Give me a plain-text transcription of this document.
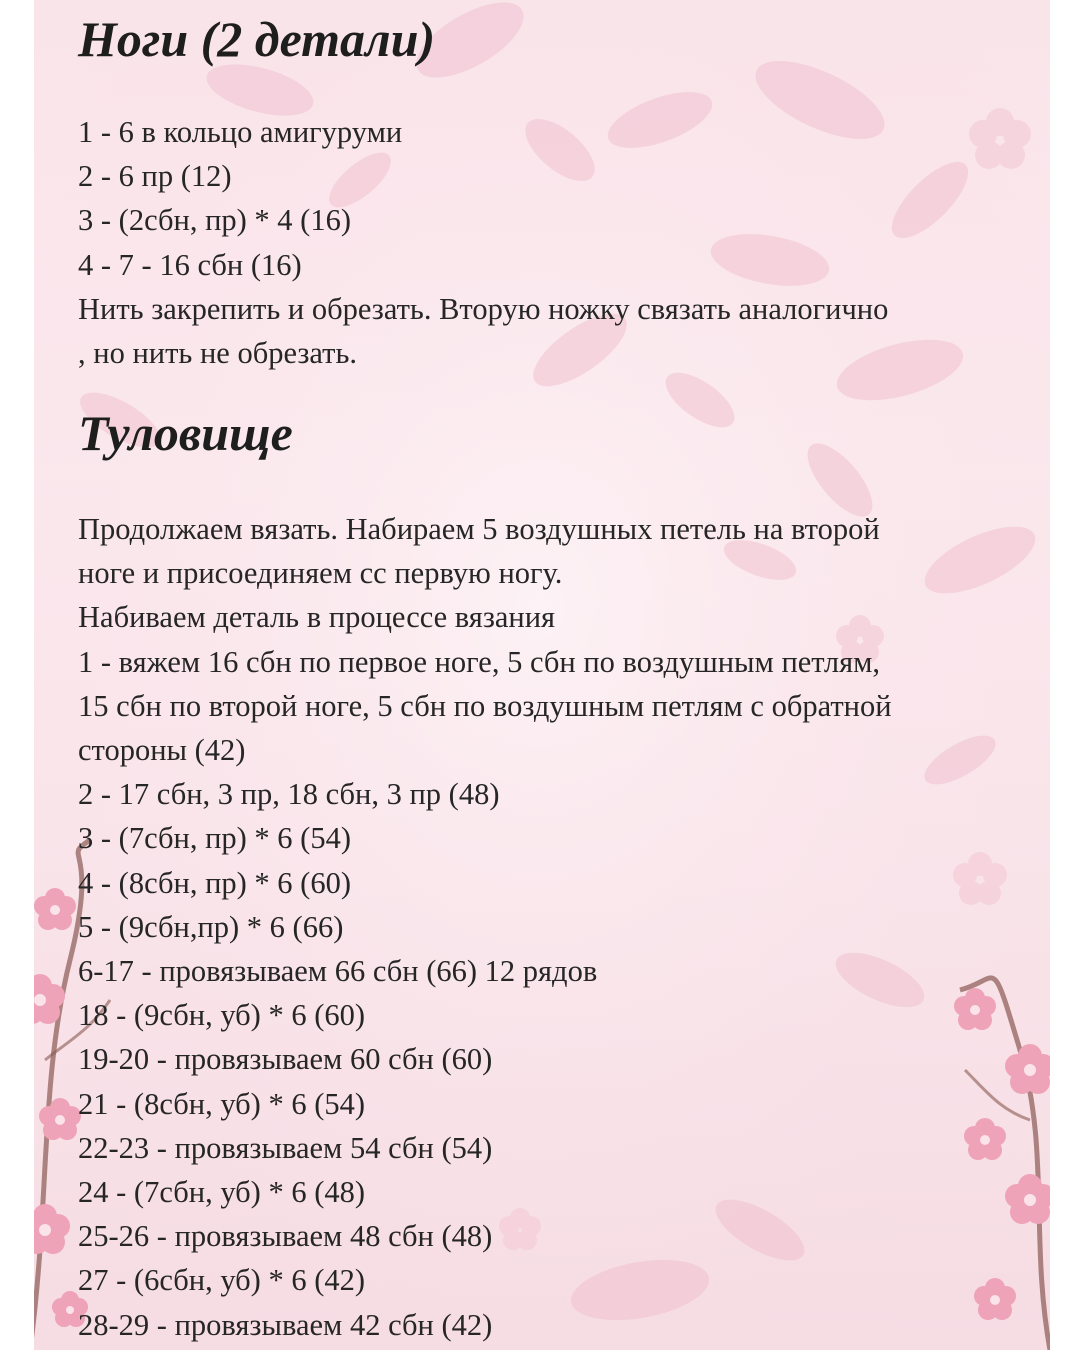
Ноги (2 детали)

1 - 6 в кольцо амигуруми

2 - 6 пр (12)

3 - (2сбн, пр) * 4 (16)

4 - 7 - 16 сбн (16)

Нить закрепить и обрезать. Вторую ножку связать аналогично

, но нить не обрезать.

Туловище

Продолжаем вязать. Набираем 5 воздушных петель на второй

ноге и присоединяем сс первую ногу.

Набиваем деталь в процессе вязания

1 - вяжем 16 сбн по первое ноге, 5 сбн по воздушным петлям,

15 сбн по второй ноге, 5 сбн по воздушным петлям с обратной

стороны (42)

2 - 17 сбн, 3 пр, 18 сбн, 3 пр (48)

3 - (7сбн, пр) * 6 (54)

4 - (8сбн, пр) * 6 (60)

5 - (9сбн,пр) * 6 (66)

6-17 - провязываем 66 сбн (66) 12 рядов

18 - (9сбн, уб) * 6 (60)

19-20 - провязываем 60 сбн (60)

21 - (8сбн, уб) * 6 (54)

22-23 - провязываем 54 сбн (54)

24 - (7сбн, уб) * 6 (48)

25-26 - провязываем 48 сбн (48)

27 - (6сбн, уб) * 6 (42)

28-29 - провязываем 42 сбн (42)
